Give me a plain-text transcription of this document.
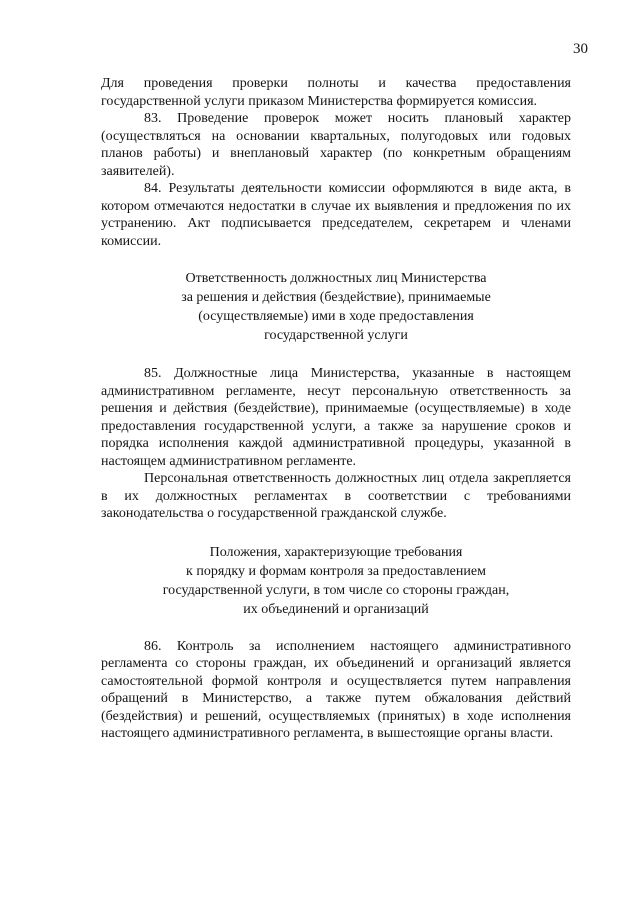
30

Для проведения проверки полноты и качества предоставления государственной услуги приказом Министерства формируется комиссия.

83. Проведение проверок может носить плановый характер (осуществляться на основании квартальных, полугодовых или годовых планов работы) и внеплановый характер (по конкретным обращениям заявителей).

84. Результаты деятельности комиссии оформляются в виде акта, в котором отмечаются недостатки в случае их выявления и предложения по их устранению. Акт подписывается председателем, секретарем и членами комиссии.

Ответственность должностных лиц Министерства
за решения и действия (бездействие), принимаемые
(осуществляемые) ими в ходе предоставления
государственной услуги

85. Должностные лица Министерства, указанные в настоящем административном регламенте, несут персональную ответственность за решения и действия (бездействие), принимаемые (осуществляемые) в ходе предоставления государственной услуги, а также за нарушение сроков и порядка исполнения каждой административной процедуры, указанной в настоящем административном регламенте.

Персональная ответственность должностных лиц отдела закрепляется в их должностных регламентах в соответствии с требованиями законодательства о государственной гражданской службе.

Положения, характеризующие требования
к порядку и формам контроля за предоставлением
государственной услуги, в том числе со стороны граждан,
их объединений и организаций

86. Контроль за исполнением настоящего административного регламента со стороны граждан, их объединений и организаций является самостоятельной формой контроля и осуществляется путем направления обращений в Министерство, а также путем обжалования действий (бездействия) и решений, осуществляемых (принятых) в ходе исполнения настоящего административного регламента, в вышестоящие органы власти.
